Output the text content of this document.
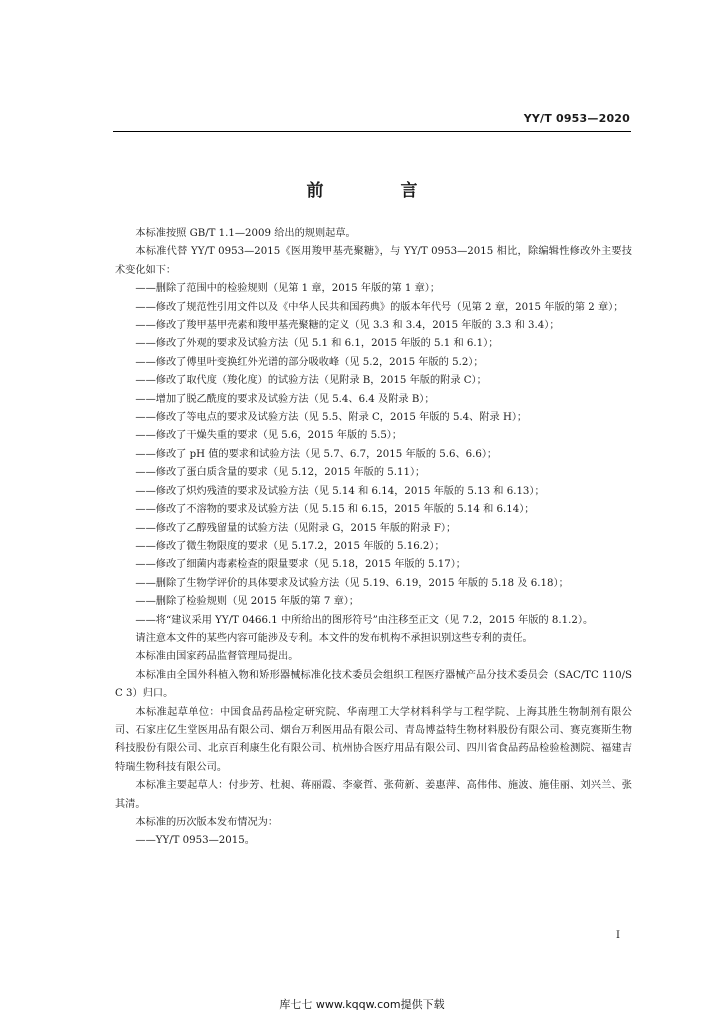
YY/T 0953—2020
前　言

本标准按照 GB/T 1.1—2009 给出的规则起草。

本标准代替 YY/T 0953—2015《医用羧甲基壳聚糖》，与 YY/T 0953—2015 相比，除编辑性修改外主要技术变化如下：

——删除了范围中的检验规则（见第 1 章，2015 年版的第 1 章）；

——修改了规范性引用文件以及《中华人民共和国药典》的版本年代号（见第 2 章，2015 年版的第 2 章）；

——修改了羧甲基甲壳素和羧甲基壳聚糖的定义（见 3.3 和 3.4，2015 年版的 3.3 和 3.4）；

——修改了外观的要求及试验方法（见 5.1 和 6.1，2015 年版的 5.1 和 6.1）；

——修改了傅里叶变换红外光谱的部分吸收峰（见 5.2，2015 年版的 5.2）；

——修改了取代度（羧化度）的试验方法（见附录 B，2015 年版的附录 C）；

——增加了脱乙酰度的要求及试验方法（见 5.4、6.4 及附录 B）；

——修改了等电点的要求及试验方法（见 5.5、附录 C，2015 年版的 5.4、附录 H）；

——修改了干燥失重的要求（见 5.6，2015 年版的 5.5）；

——修改了 pH 值的要求和试验方法（见 5.7、6.7，2015 年版的 5.6、6.6）；

——修改了蛋白质含量的要求（见 5.12，2015 年版的 5.11）；

——修改了炽灼残渣的要求及试验方法（见 5.14 和 6.14，2015 年版的 5.13 和 6.13）；

——修改了不溶物的要求及试验方法（见 5.15 和 6.15，2015 年版的 5.14 和 6.14）；

——修改了乙醇残留量的试验方法（见附录 G，2015 年版的附录 F）；

——修改了微生物限度的要求（见 5.17.2，2015 年版的 5.16.2）；

——修改了细菌内毒素检查的限量要求（见 5.18，2015 年版的 5.17）；

——删除了生物学评价的具体要求及试验方法（见 5.19、6.19，2015 年版的 5.18 及 6.18）；

——删除了检验规则（见 2015 年版的第 7 章）；

——将“建议采用 YY/T 0466.1 中所给出的图形符号”由注移至正文（见 7.2，2015 年版的 8.1.2）。

请注意本文件的某些内容可能涉及专利。本文件的发布机构不承担识别这些专利的责任。

本标准由国家药品监督管理局提出。

本标准由全国外科植入物和矫形器械标准化技术委员会组织工程医疗器械产品分技术委员会（SAC/TC 110/SC 3）归口。

本标准起草单位：中国食品药品检定研究院、华南理工大学材料科学与工程学院、上海其胜生物制剂有限公司、石家庄亿生堂医用品有限公司、烟台万利医用品有限公司、青岛博益特生物材料股份有限公司、赛克赛斯生物科技股份有限公司、北京百利康生化有限公司、杭州协合医疗用品有限公司、四川省食品药品检验检测院、福建吉特瑞生物科技有限公司。

本标准主要起草人：付步芳、杜昶、蒋丽霞、李豪哲、张荷新、姜惠萍、高伟伟、施波、施佳丽、刘兴兰、张其清。

本标准的历次版本发布情况为：

——YY/T 0953—2015。

I
库七七 www.kqqw.com提供下载
